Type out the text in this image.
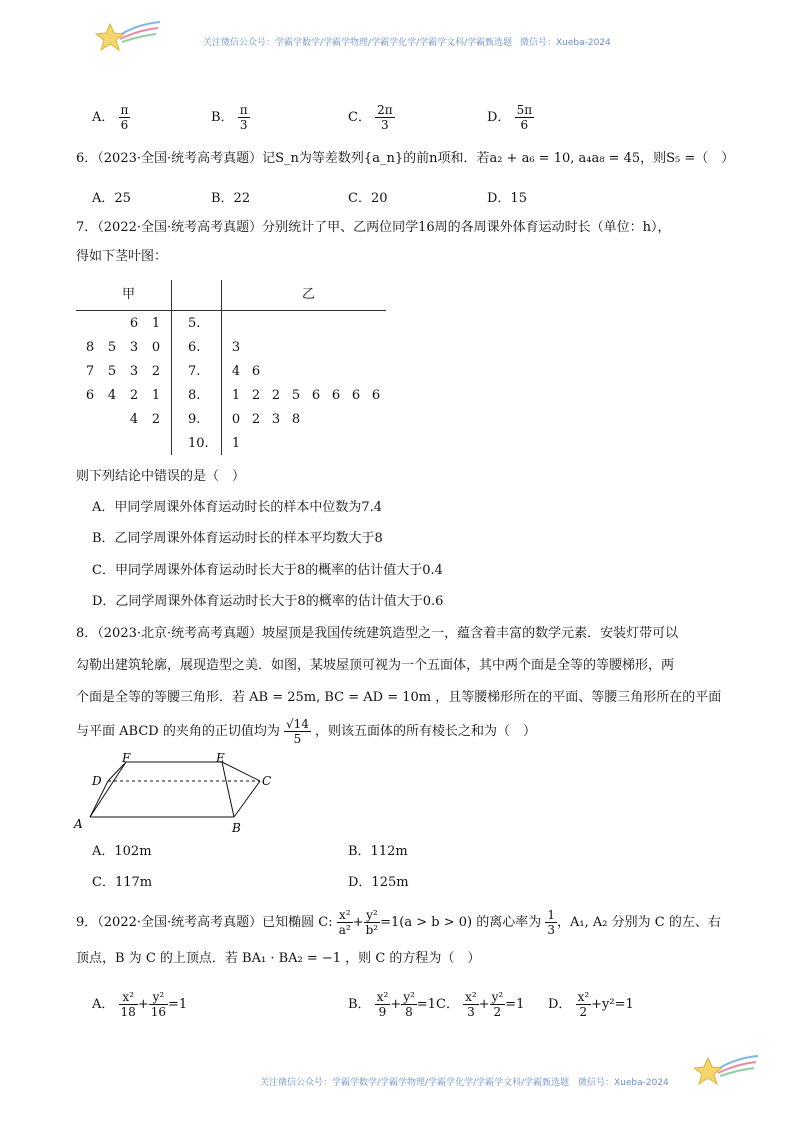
关注微信公众号：学霸学数学/学霸学物理/学霸学化学/学霸学文科/学霸甄选题 微信号：Xueba-2024
A． $\frac{\pi}{6}$	B． $\frac{\pi}{3}$	C． $\frac{2\pi}{3}$	D． $\frac{5\pi}{6}$
6．（2023·全国·统考高考真题）记S_n为等差数列{a_n}的前n项和．若a₂ + a₆ = 10, a₄a₈ = 45，则S₅ =（　）
A．25	B．22	C．20	D．15
7．（2022·全国·统考高考真题）分别统计了甲、乙两位同学16周的各周课外体育运动时长（单位：h），
得如下茎叶图：
甲	乙
6	1	5.
8	5	3	0	6.	3
7	5	3	2	7.	4 6
6	4	2	1	8.	1 2 2 5 6 6 6 6
4	2	9.	0 2 3 8
10.	1
则下列结论中错误的是（　）
A．甲同学周课外体育运动时长的样本中位数为7.4
B．乙同学周课外体育运动时长的样本平均数大于8
C．甲同学周课外体育运动时长大于8的概率的估计值大于0.4
D．乙同学周课外体育运动时长大于8的概率的估计值大于0.6
8．（2023·北京·统考高考真题）坡屋顶是我国传统建筑造型之一，蕴含着丰富的数学元素．安装灯带可以
勾勒出建筑轮廓，展现造型之美．如图，某坡屋顶可视为一个五面体，其中两个面是全等的等腰梯形，两
个面是全等的等腰三角形．若 AB = 25m, BC = AD = 10m ，且等腰梯形所在的平面、等腰三角形所在的平面
与平面 ABCD 的夹角的正切值均为 $\frac{√14}{5}$ ，则该五面体的所有棱长之和为（　）
F	E
D	C
A	B
A．102m	B．112m
C．117m	D．125m
9．（2022·全国·统考高考真题）已知椭圆 C: $\frac{\text{x²}}{\text{a²}} + \frac{\text{y²}}{\text{b²}} =1(a > b > 0)$ 的离心率为 $\frac{1}{3}$ ，A₁, A₂ 分别为 C 的左、右
顶点，B 为 C 的上顶点．若 BA₁ · BA₂ = −1 ，则 C 的方程为（　）
A． $\frac{\text{x²}}{18} + \frac{\text{y²}}{16} =1$	B． $\frac{\text{x²}}{9} + \frac{\text{y²}}{8} =1$ C． $\frac{\text{x²}}{3} + \frac{\text{y²}}{2} =1$ D． $\frac{\text{x²}}{2} +y^2=1$
关注微信公众号：学霸学数学/学霸学物理/学霸学化学/学霸学文科/学霸甄选题 微信号：Xueba-2024
